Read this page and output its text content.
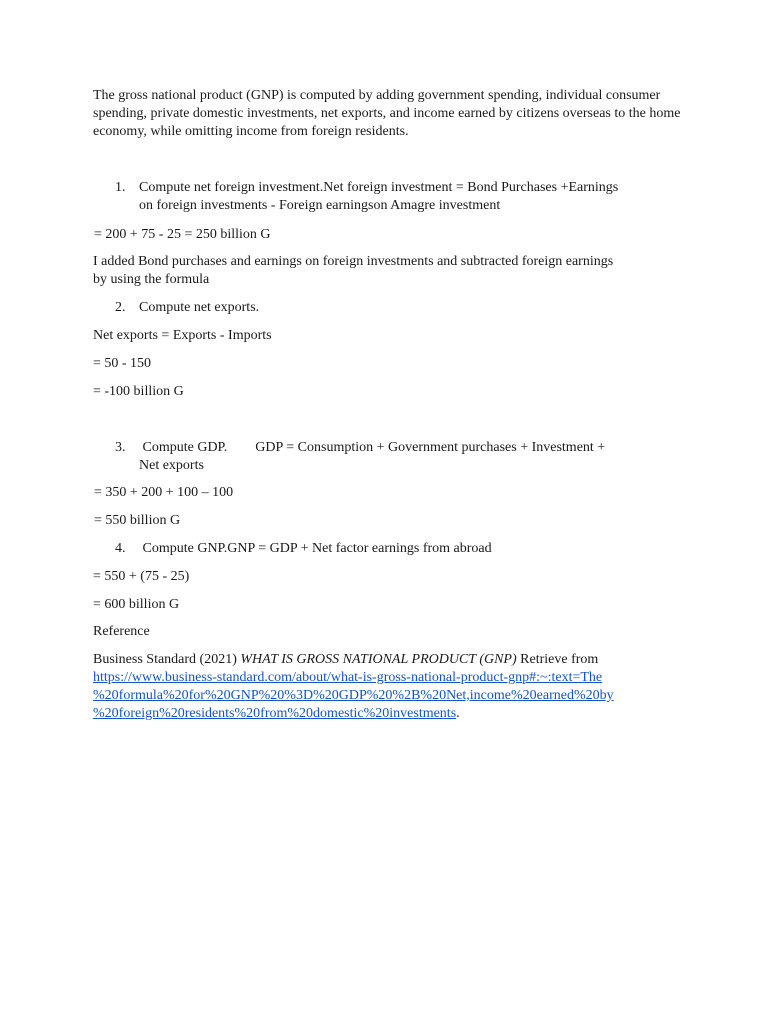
The gross national product (GNP) is computed by adding government spending, individual consumer spending, private domestic investments, net exports, and income earned by citizens overseas to the home economy, while omitting income from foreign residents.
1. Compute net foreign investment.Net foreign investment = Bond Purchases +Earnings
on foreign investments - Foreign earningson Amagre investment
= 200 + 75 - 25 = 250 billion G
I added Bond purchases and earnings on foreign investments and subtracted foreign earnings
by using the formula
2. Compute net exports.
Net exports = Exports - Imports
= 50 - 150
= -100 billion G
3. Compute GDP.        GDP = Consumption + Government purchases + Investment +
Net exports
= 350 + 200 + 100 – 100
= 550 billion G
4. Compute GNP.GNP = GDP + Net factor earnings from abroad
= 550 + (75 - 25)
= 600 billion G
Reference
Business Standard (2021) WHAT IS GROSS NATIONAL PRODUCT (GNP) Retrieve from
https://www.business-standard.com/about/what-is-gross-national-product-gnp#:~:text=The
%20formula%20for%20GNP%20%3D%20GDP%20%2B%20Net,income%20earned%20by
%20foreign%20residents%20from%20domestic%20investments.
